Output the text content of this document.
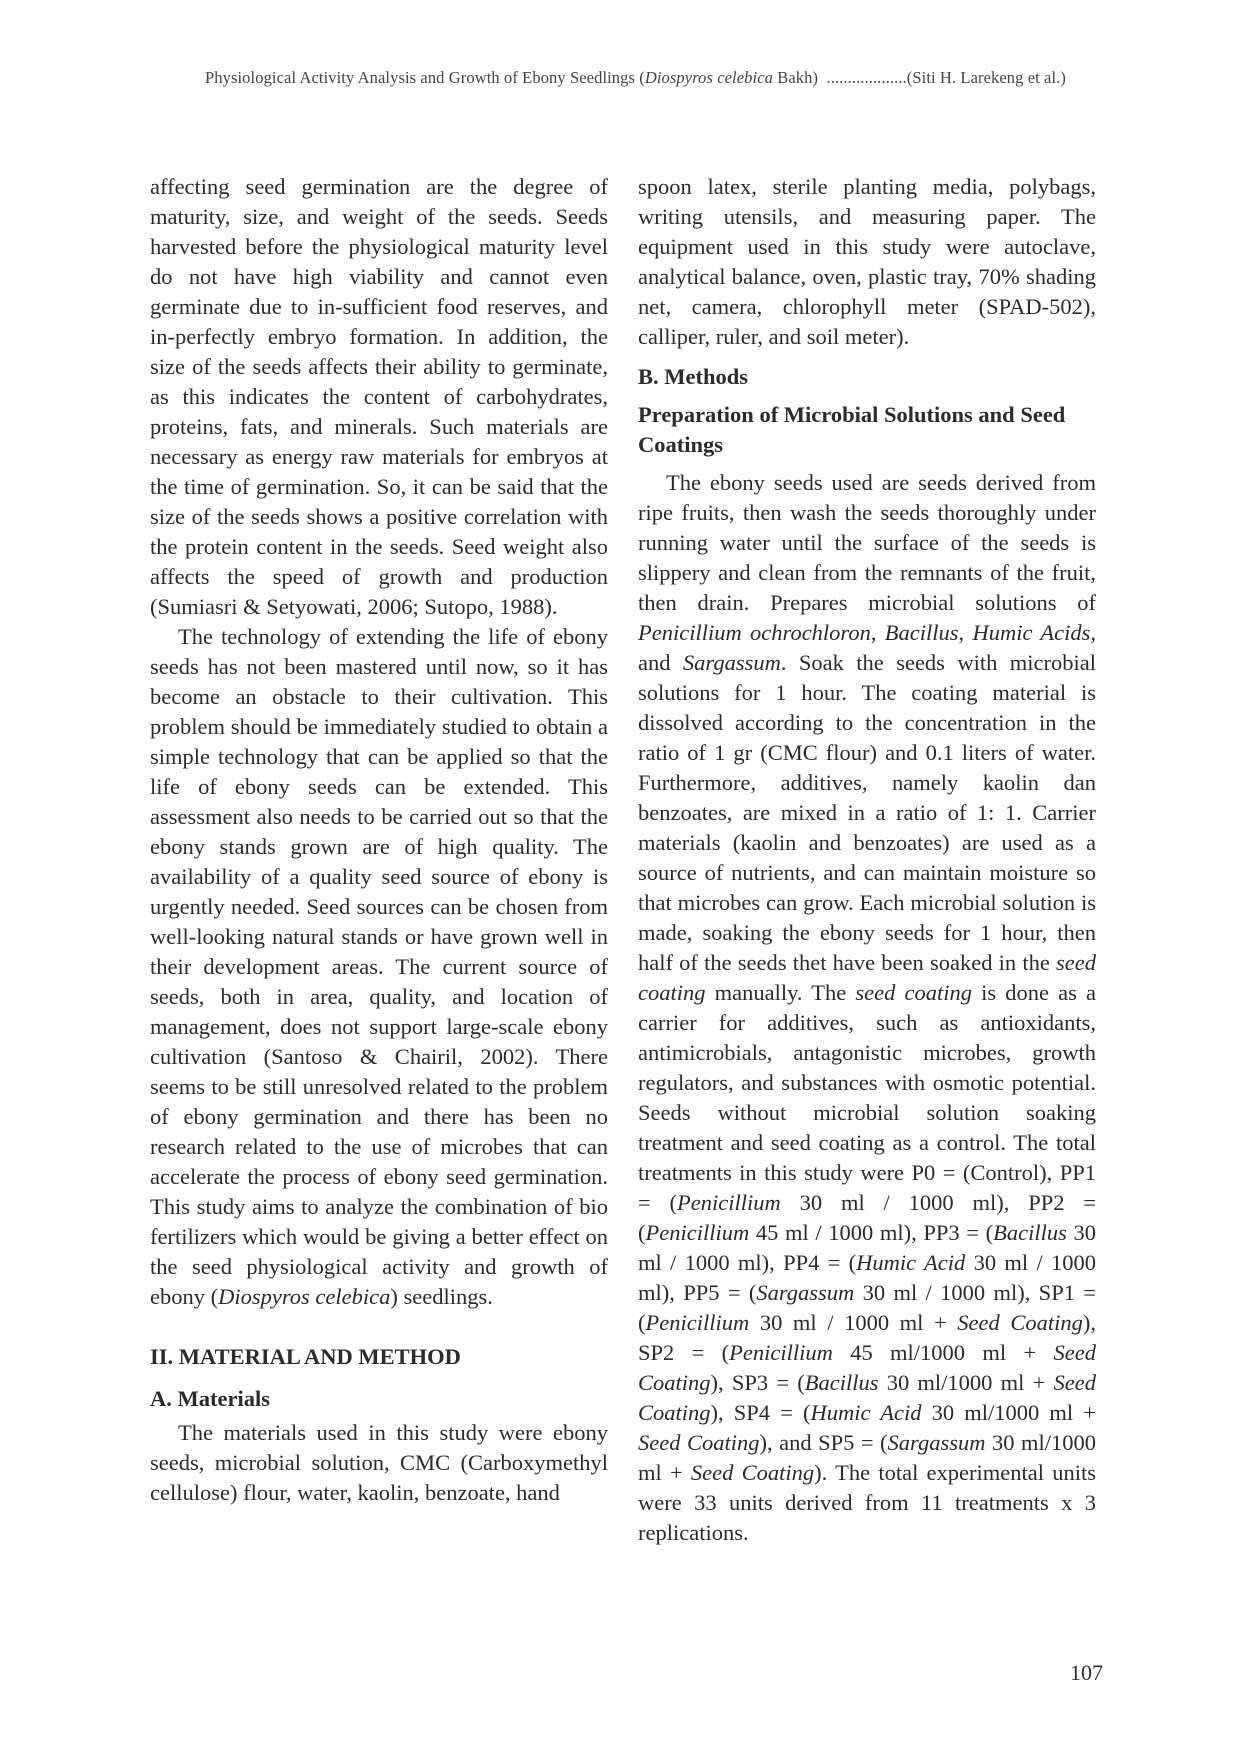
Physiological Activity Analysis and Growth of Ebony Seedlings (Diospyros celebica Bakh) ...................(Siti H. Larekeng et al.)

affecting seed germination are the degree of maturity, size, and weight of the seeds. Seeds harvested before the physiological maturity level do not have high viability and cannot even germinate due to in-sufficient food reserves, and in-perfectly embryo formation. In addition, the size of the seeds affects their ability to germinate, as this indicates the content of carbohydrates, proteins, fats, and minerals. Such materials are necessary as energy raw materials for embryos at the time of germination. So, it can be said that the size of the seeds shows a positive correlation with the protein content in the seeds. Seed weight also affects the speed of growth and production (Sumiasri & Setyowati, 2006; Sutopo, 1988).

The technology of extending the life of ebony seeds has not been mastered until now, so it has become an obstacle to their cultivation. This problem should be immediately studied to obtain a simple technology that can be applied so that the life of ebony seeds can be extended. This assessment also needs to be carried out so that the ebony stands grown are of high quality. The availability of a quality seed source of ebony is urgently needed. Seed sources can be chosen from well-looking natural stands or have grown well in their development areas. The current source of seeds, both in area, quality, and location of management, does not support large-scale ebony cultivation (Santoso & Chairil, 2002). There seems to be still unresolved related to the problem of ebony germination and there has been no research related to the use of microbes that can accelerate the process of ebony seed germination. This study aims to analyze the combination of bio fertilizers which would be giving a better effect on the seed physiological activity and growth of ebony (Diospyros celebica) seedlings.

II. MATERIAL AND METHOD
A. Materials

The materials used in this study were ebony seeds, microbial solution, CMC (Carboxymethyl cellulose) flour, water, kaolin, benzoate, hand

spoon latex, sterile planting media, polybags, writing utensils, and measuring paper. The equipment used in this study were autoclave, analytical balance, oven, plastic tray, 70% shading net, camera, chlorophyll meter (SPAD-502), calliper, ruler, and soil meter).

B. Methods
Preparation of Microbial Solutions and Seed Coatings

The ebony seeds used are seeds derived from ripe fruits, then wash the seeds thoroughly under running water until the surface of the seeds is slippery and clean from the remnants of the fruit, then drain. Prepares microbial solutions of Penicillium ochrochloron, Bacillus, Humic Acids, and Sargassum. Soak the seeds with microbial solutions for 1 hour. The coating material is dissolved according to the concentration in the ratio of 1 gr (CMC flour) and 0.1 liters of water. Furthermore, additives, namely kaolin dan benzoates, are mixed in a ratio of 1: 1. Carrier materials (kaolin and benzoates) are used as a source of nutrients, and can maintain moisture so that microbes can grow. Each microbial solution is made, soaking the ebony seeds for 1 hour, then half of the seeds thet have been soaked in the seed coating manually. The seed coating is done as a carrier for additives, such as antioxidants, antimicrobials, antagonistic microbes, growth regulators, and substances with osmotic potential. Seeds without microbial solution soaking treatment and seed coating as a control. The total treatments in this study were P0 = (Control), PP1 = (Penicillium 30 ml / 1000 ml), PP2 = (Penicillium 45 ml / 1000 ml), PP3 = (Bacillus 30 ml / 1000 ml), PP4 = (Humic Acid 30 ml / 1000 ml), PP5 = (Sargassum 30 ml / 1000 ml), SP1 = (Penicillium 30 ml / 1000 ml + Seed Coating), SP2 = (Penicillium 45 ml/1000 ml + Seed Coating), SP3 = (Bacillus 30 ml/1000 ml + Seed Coating), SP4 = (Humic Acid 30 ml/1000 ml + Seed Coating), and SP5 = (Sargassum 30 ml/1000 ml + Seed Coating). The total experimental units were 33 units derived from 11 treatments x 3 replications.

107
